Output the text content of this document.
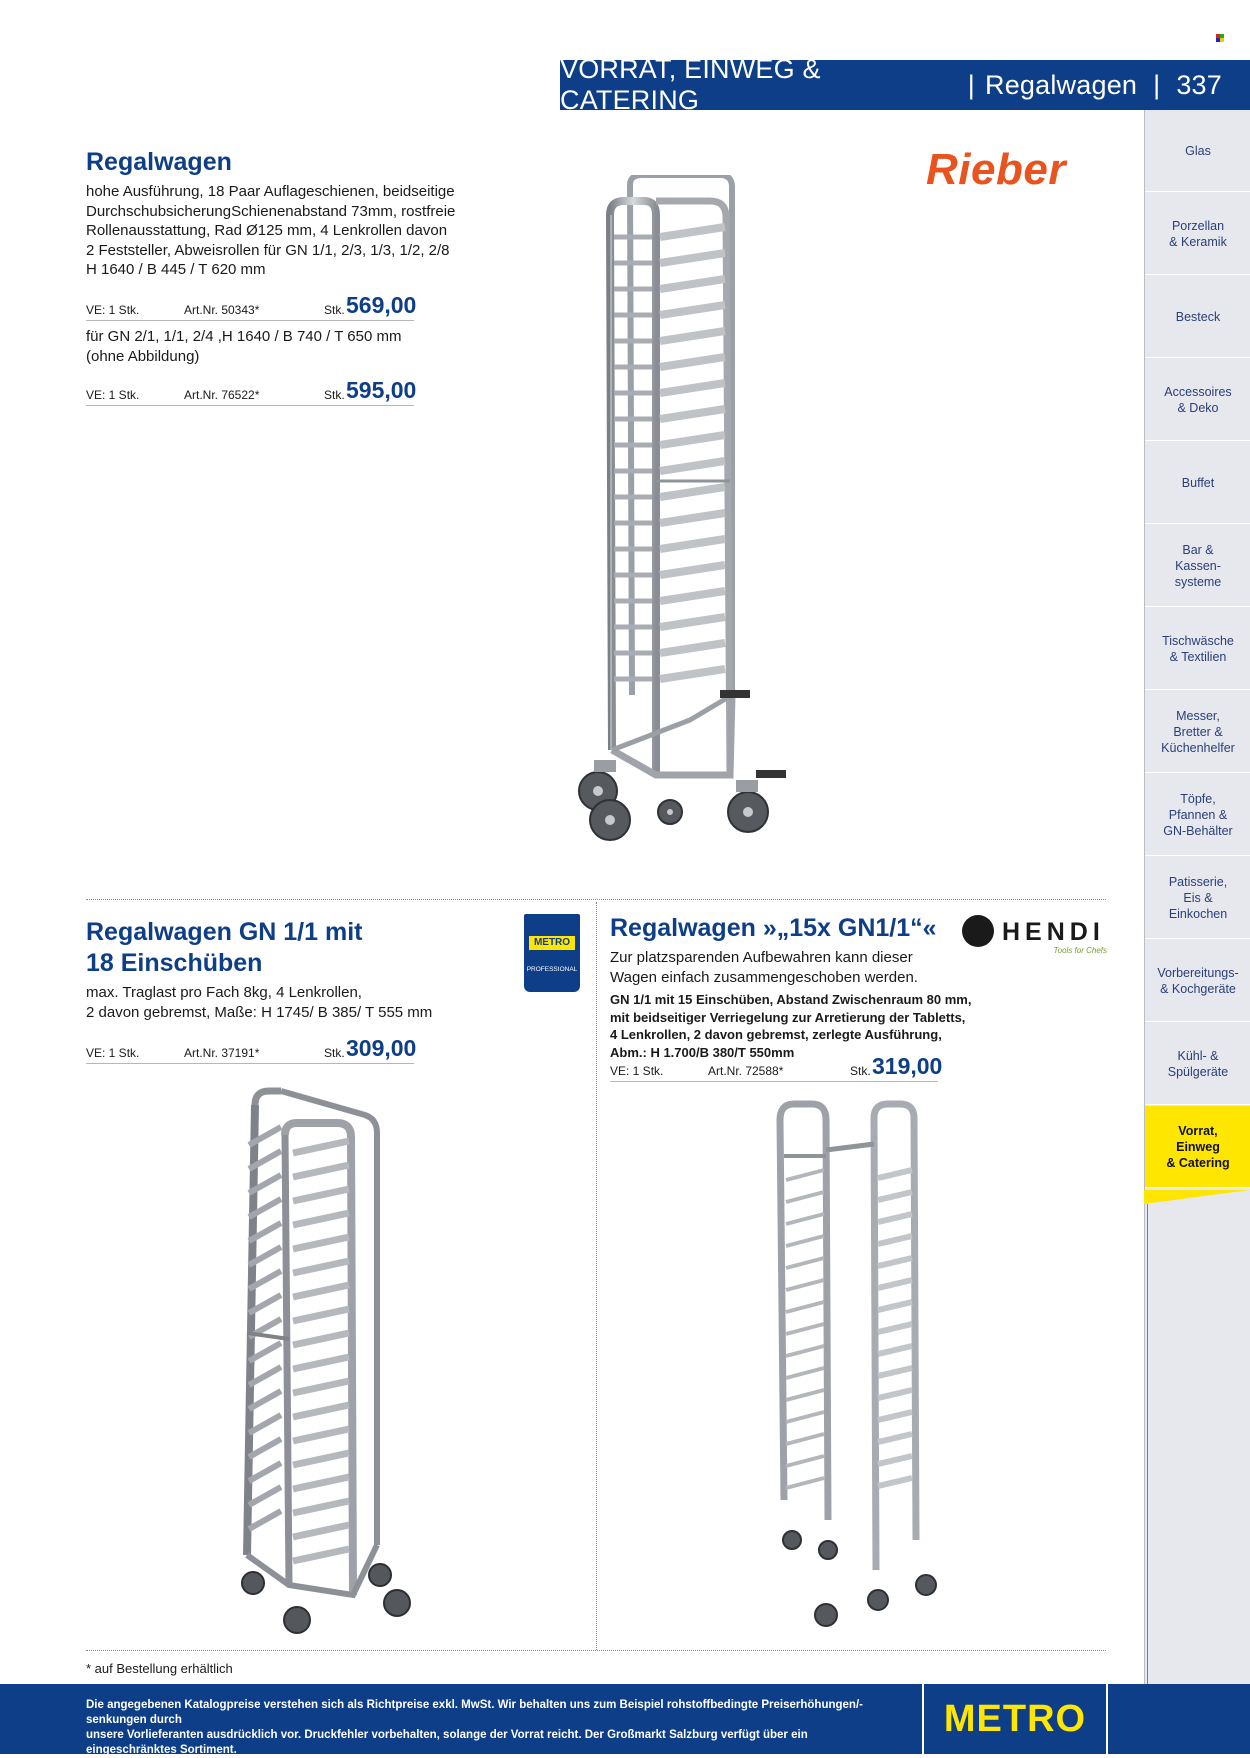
VORRAT, EINWEG & CATERING
| Regalwagen | 337
Glas
Porzellan
& Keramik
Besteck
Accessoires
& Deko
Buffet
Bar &
Kassen-
systeme
Tischwäsche
& Textilien
Messer,
Bretter &
Küchenhelfer
Töpfe,
Pfannen &
GN-Behälter
Patisserie,
Eis &
Einkochen
Vorbereitungs-
& Kochgeräte
Kühl- &
Spülgeräte
Vorrat,
Einweg
& Catering
Regalwagen
hohe Ausführung, 18 Paar Auflageschienen, beidseitige
DurchschubsicherungSchienenabstand 73mm, rostfreie
Rollenausstattung, Rad Ø125 mm, 4 Lenkrollen davon
2 Feststeller, Abweisrollen für GN 1/1, 2/3, 1/3, 1/2, 2/8
H 1640 / B 445 / T 620 mm
VE: 1 Stk.	Art.Nr. 50343*	Stk. 569,00
für GN 2/1, 1/1, 2/4 ,H 1640 / B 740 / T 650 mm
(ohne Abbildung)
VE: 1 Stk.	Art.Nr. 76522*	Stk. 595,00
Rieber
Regalwagen GN 1/1 mit
18 Einschüben
max. Traglast pro Fach 8kg, 4 Lenkrollen,
2 davon gebremst, Maße: H 1745/ B 385/ T 555 mm
VE: 1 Stk.	Art.Nr. 37191*	Stk. 309,00
METRO
PROFESSIONAL
Regalwagen »„15x GN1/1“«
Zur platzsparenden Aufbewahren kann dieser
Wagen einfach zusammengeschoben werden.
GN 1/1 mit 15 Einschüben, Abstand Zwischenraum 80 mm,
mit beidseitiger Verriegelung zur Arretierung der Tabletts,
4 Lenkrollen, 2 davon gebremst, zerlegte Ausführung,
Abm.: H 1.700/B 380/T 550mm
VE: 1 Stk.	Art.Nr. 72588*	Stk. 319,00
HENDI
Tools for Chefs
* auf Bestellung erhältlich
Die angegebenen Katalogpreise verstehen sich als Richtpreise exkl. MwSt. Wir behalten uns zum Beispiel rohstoffbedingte Preiserhöhungen/-senkungen durch
unsere Vorlieferanten ausdrücklich vor. Druckfehler vorbehalten, solange der Vorrat reicht. Der Großmarkt Salzburg verfügt über ein eingeschränktes Sortiment.
METRO
